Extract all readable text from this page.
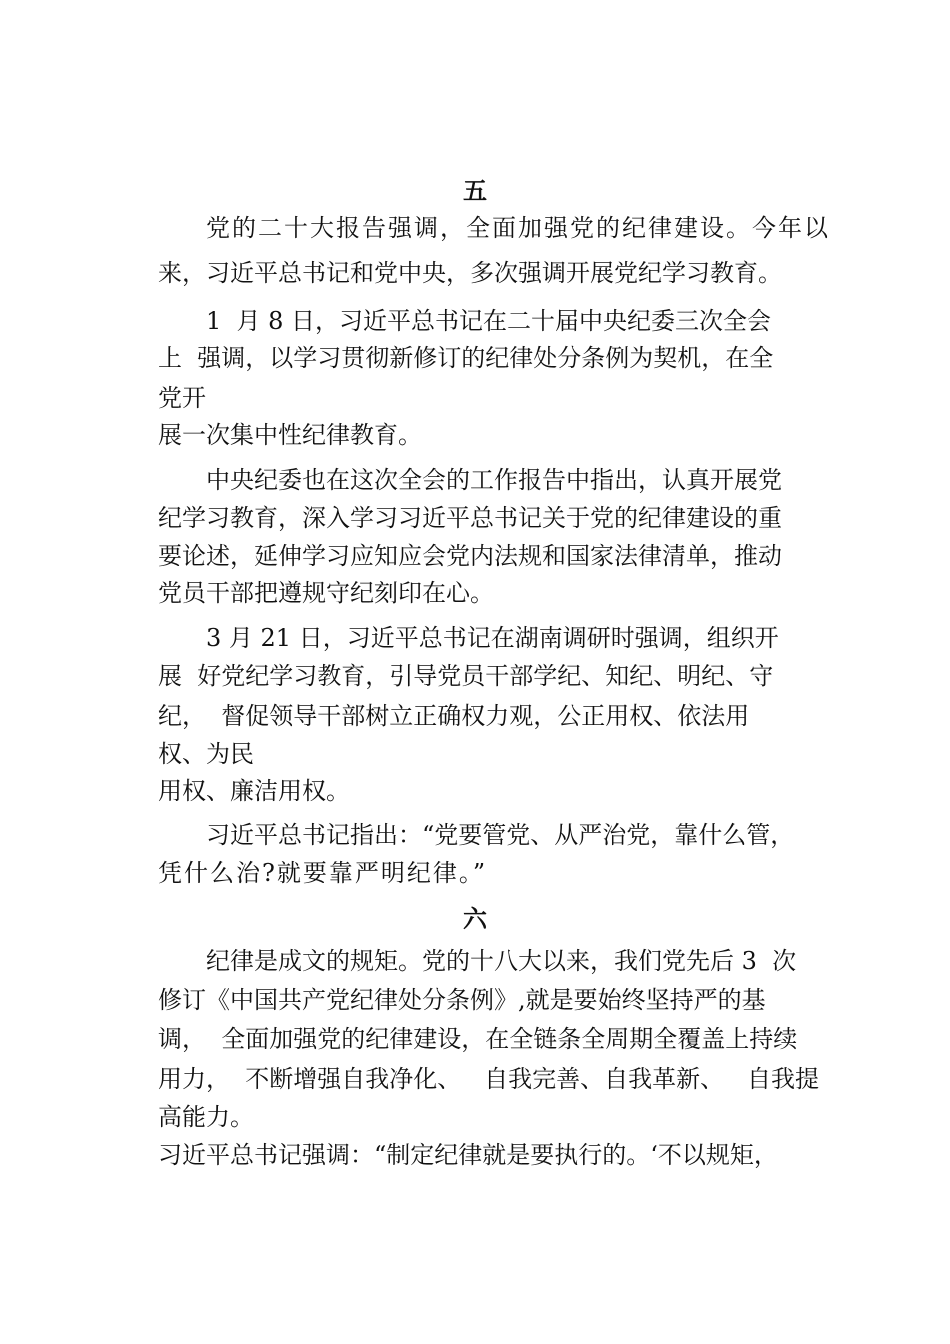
五
党的二十大报告强调，全面加强党的纪律建设。今年以
来，习近平总书记和党中央，多次强调开展党纪学习教育。
1  月 8 日，习近平总书记在二十届中央纪委三次全会
上  强调，以学习贯彻新修订的纪律处分条例为契机，在全
党开
展一次集中性纪律教育。
中央纪委也在这次全会的工作报告中指出，认真开展党
纪学习教育，深入学习习近平总书记关于党的纪律建设的重
要论述，延伸学习应知应会党内法规和国家法律清单，推动
党员干部把遵规守纪刻印在心。
3 月 21 日，习近平总书记在湖南调研时强调，组织开
展  好党纪学习教育，引导党员干部学纪、知纪、明纪、守
纪，  督促领导干部树立正确权力观，公正用权、依法用
权、为民
用权、廉洁用权。
习近平总书记指出：“党要管党、从严治党，靠什么管，
凭什么治?就要靠严明纪律。”
六
纪律是成文的规矩。党的十八大以来，我们党先后 3  次
修订《中国共产党纪律处分条例》,就是要始终坚持严的基
调，  全面加强党的纪律建设，在全链条全周期全覆盖上持续
用力，  不断增强自我净化、   自我完善、自我革新、   自我提
高能力。
习近平总书记强调：“制定纪律就是要执行的。‘不以规矩，
